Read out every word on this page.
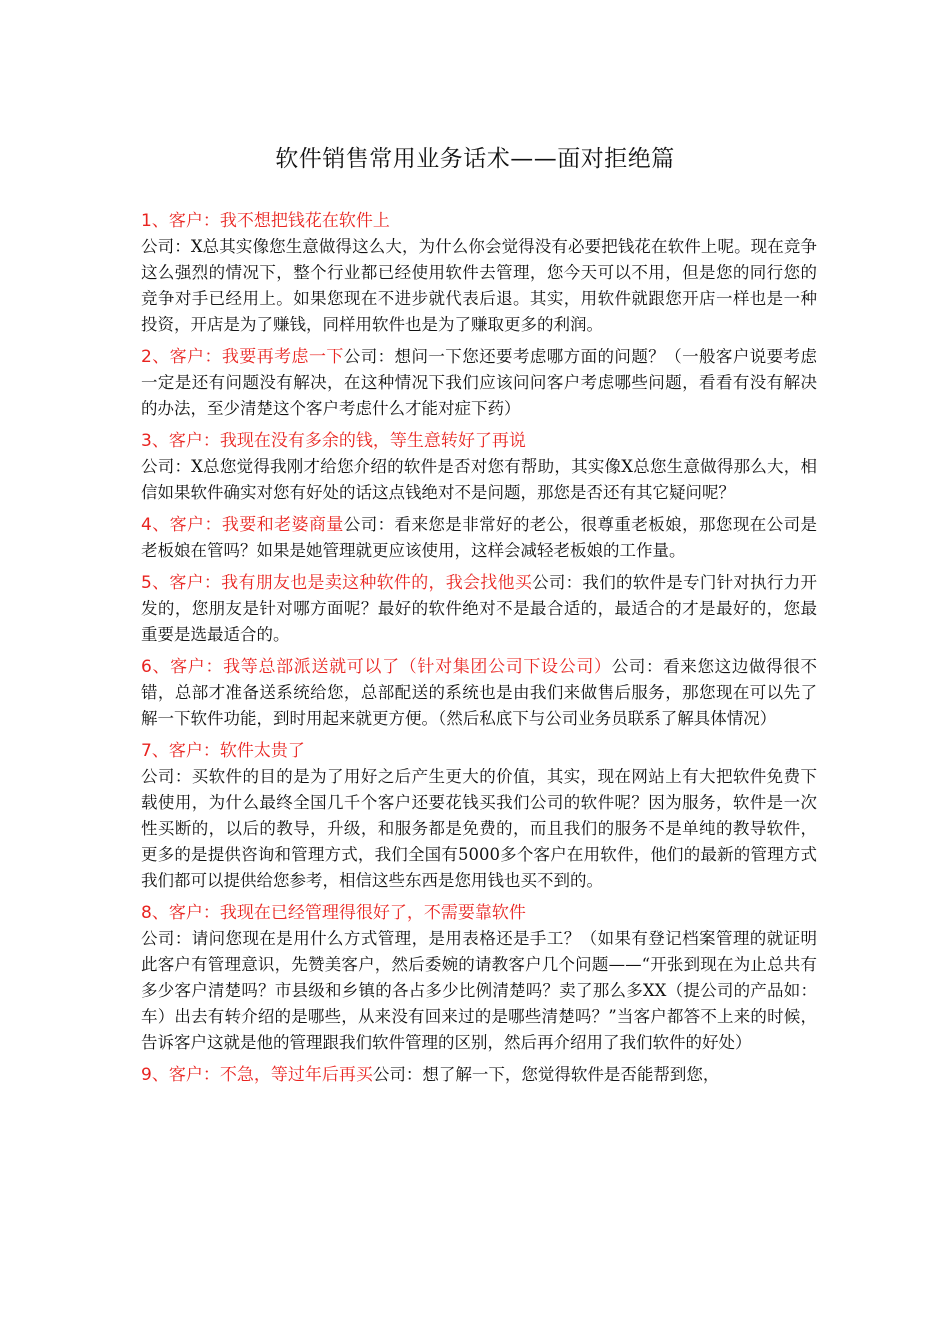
软件销售常用业务话术——面对拒绝篇

1、客户：我不想把钱花在软件上
公司：X总其实像您生意做得这么大，为什么你会觉得没有必要把钱花在软件上呢。现在竞争这么强烈的情况下，整个行业都已经使用软件去管理，您今天可以不用，但是您的同行您的竞争对手已经用上。如果您现在不进步就代表后退。其实，用软件就跟您开店一样也是一种投资，开店是为了赚钱，同样用软件也是为了赚取更多的利润。

2、客户：我要再考虑一下公司：想问一下您还要考虑哪方面的问题？（一般客户说要考虑一定是还有问题没有解决，在这种情况下我们应该问问客户考虑哪些问题，看看有没有解决的办法，至少清楚这个客户考虑什么才能对症下药）

3、客户：我现在没有多余的钱，等生意转好了再说
公司：X总您觉得我刚才给您介绍的软件是否对您有帮助，其实像X总您生意做得那么大，相信如果软件确实对您有好处的话这点钱绝对不是问题，那您是否还有其它疑问呢？

4、客户：我要和老婆商量公司：看来您是非常好的老公，很尊重老板娘，那您现在公司是老板娘在管吗？如果是她管理就更应该使用，这样会减轻老板娘的工作量。

5、客户：我有朋友也是卖这种软件的，我会找他买公司：我们的软件是专门针对执行力开发的，您朋友是针对哪方面呢？最好的软件绝对不是最合适的，最适合的才是最好的，您最重要是选最适合的。

6、客户：我等总部派送就可以了（针对集团公司下设公司）公司：看来您这边做得很不错，总部才准备送系统给您，总部配送的系统也是由我们来做售后服务，那您现在可以先了解一下软件功能，到时用起来就更方便。（然后私底下与公司业务员联系了解具体情况）

7、客户：软件太贵了
公司：买软件的目的是为了用好之后产生更大的价值，其实，现在网站上有大把软件免费下载使用，为什么最终全国几千个客户还要花钱买我们公司的软件呢？因为服务，软件是一次性买断的，以后的教导，升级，和服务都是免费的，而且我们的服务不是单纯的教导软件，更多的是提供咨询和管理方式，我们全国有5000多个客户在用软件，他们的最新的管理方式我们都可以提供给您参考，相信这些东西是您用钱也买不到的。

8、客户：我现在已经管理得很好了，不需要靠软件
公司：请问您现在是用什么方式管理，是用表格还是手工？（如果有登记档案管理的就证明此客户有管理意识，先赞美客户，然后委婉的请教客户几个问题——“开张到现在为止总共有多少客户清楚吗？市县级和乡镇的各占多少比例清楚吗？卖了那么多XX（提公司的产品如：车）出去有转介绍的是哪些，从来没有回来过的是哪些清楚吗？”当客户都答不上来的时候，告诉客户这就是他的管理跟我们软件管理的区别，然后再介绍用了我们软件的好处）

9、客户：不急，等过年后再买公司：想了解一下，您觉得软件是否能帮到您，
